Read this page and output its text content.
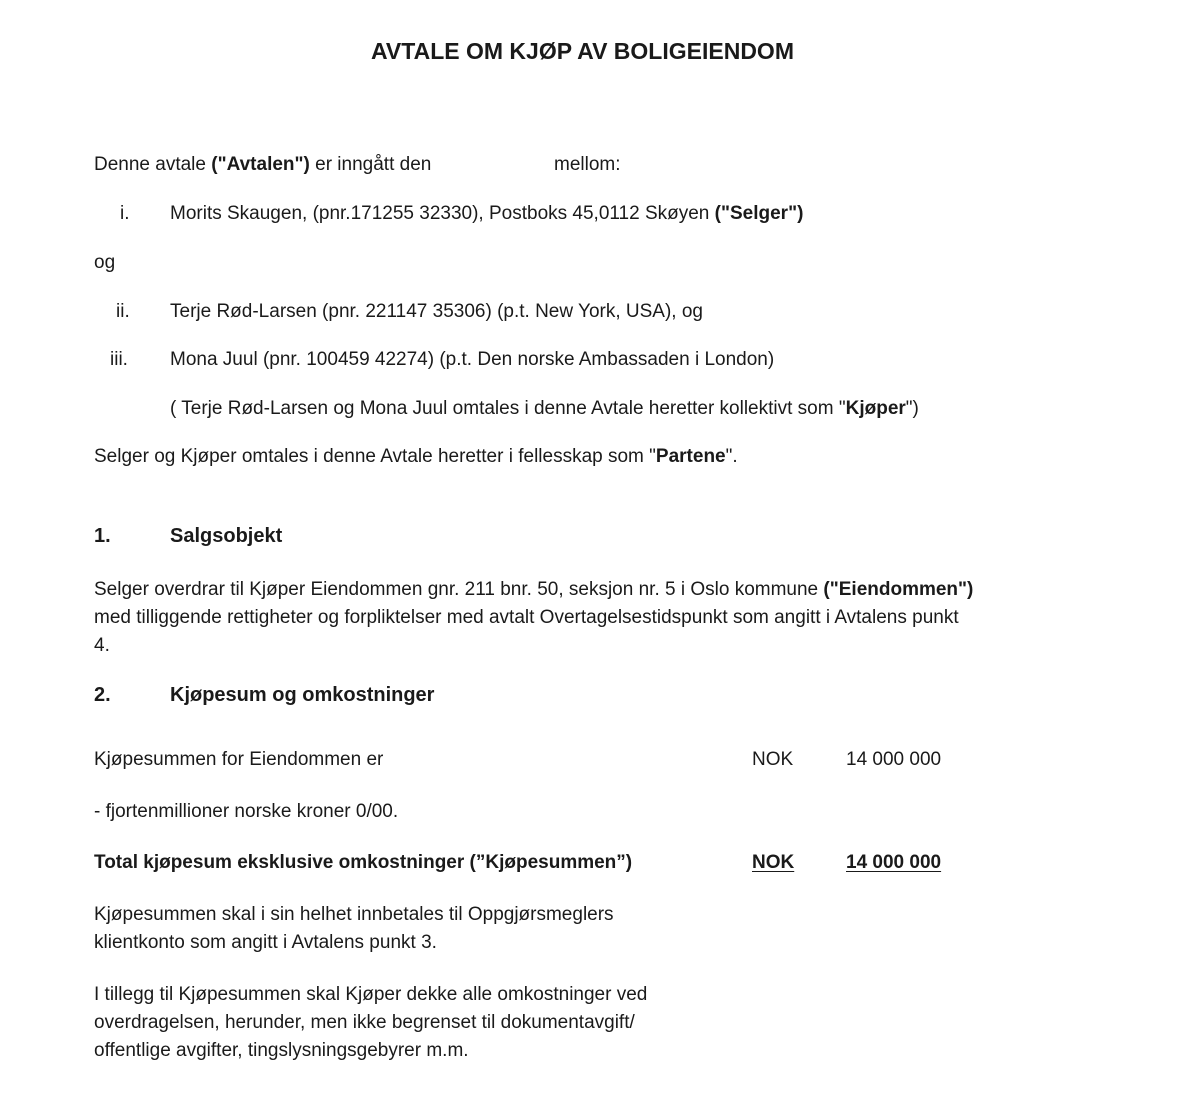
AVTALE OM KJØP AV BOLIGEIENDOM
Denne avtale ("Avtalen") er inngått den	mellom:
i. Morits Skaugen, (pnr.171255 32330), Postboks 45,0112 Skøyen ("Selger")
og
ii. Terje Rød-Larsen (pnr. 221147 35306) (p.t. New York, USA), og
iii. Mona Juul (pnr. 100459 42274) (p.t. Den norske Ambassaden i London)
( Terje Rød-Larsen og Mona Juul omtales i denne Avtale heretter kollektivt som "Kjøper")
Selger og Kjøper omtales i denne Avtale heretter i fellesskap som "Partene".
1.	Salgsobjekt
Selger overdrar til Kjøper Eiendommen gnr. 211 bnr. 50, seksjon nr. 5 i Oslo kommune ("Eiendommen")
med tilliggende rettigheter og forpliktelser med avtalt Overtagelsestidspunkt som angitt i Avtalens punkt
4.
2.	Kjøpesum og omkostninger
Kjøpesummen for Eiendommen er	NOK	14 000 000
- fjortenmillioner norske kroner 0/00.
Total kjøpesum eksklusive omkostninger (”Kjøpesummen”)	NOK	14 000 000
Kjøpesummen skal i sin helhet innbetales til Oppgjørsmeglers
klientkonto som angitt i Avtalens punkt 3.
I tillegg til Kjøpesummen skal Kjøper dekke alle omkostninger ved
overdragelsen, herunder, men ikke begrenset til dokumentavgift/
offentlige avgifter, tingslysningsgebyrer m.m.
